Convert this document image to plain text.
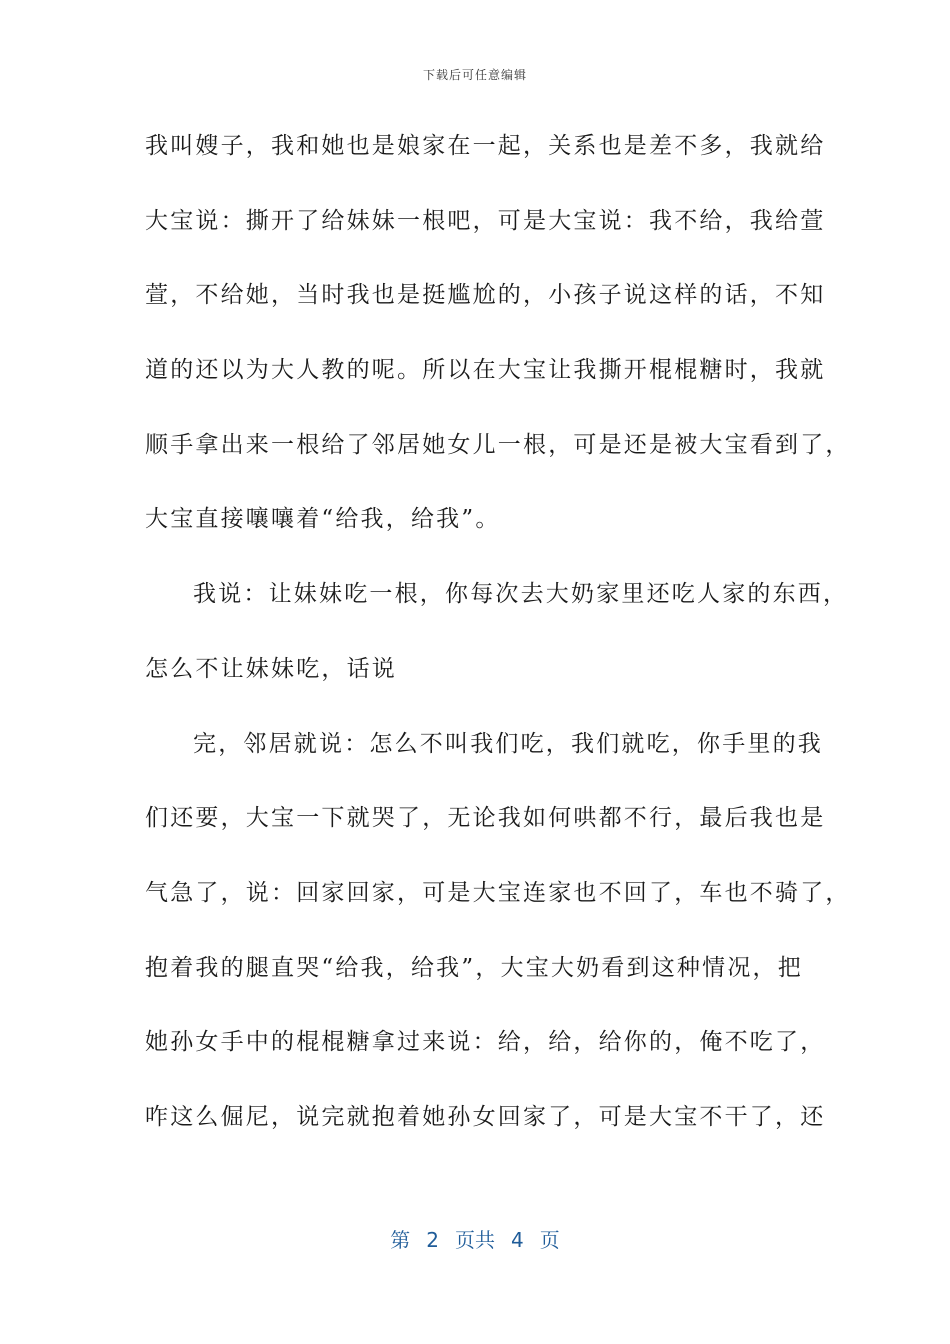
下载后可任意编辑
我叫嫂子，我和她也是娘家在一起，关系也是差不多，我就给
大宝说：撕开了给妹妹一根吧，可是大宝说：我不给，我给萱
萱，不给她，当时我也是挺尴尬的，小孩子说这样的话，不知
道的还以为大人教的呢。所以在大宝让我撕开棍棍糖时，我就
顺手拿出来一根给了邻居她女儿一根，可是还是被大宝看到了，
大宝直接嚷嚷着“给我，给我”。
我说：让妹妹吃一根，你每次去大奶家里还吃人家的东西，
怎么不让妹妹吃，话说
完，邻居就说：怎么不叫我们吃，我们就吃，你手里的我
们还要，大宝一下就哭了，无论我如何哄都不行，最后我也是
气急了，说：回家回家，可是大宝连家也不回了，车也不骑了，
抱着我的腿直哭“给我，给我”，大宝大奶看到这种情况，把
她孙女手中的棍棍糖拿过来说：给，给，给你的，俺不吃了，
咋这么倔尼，说完就抱着她孙女回家了，可是大宝不干了，还
第 2 页共 4 页
